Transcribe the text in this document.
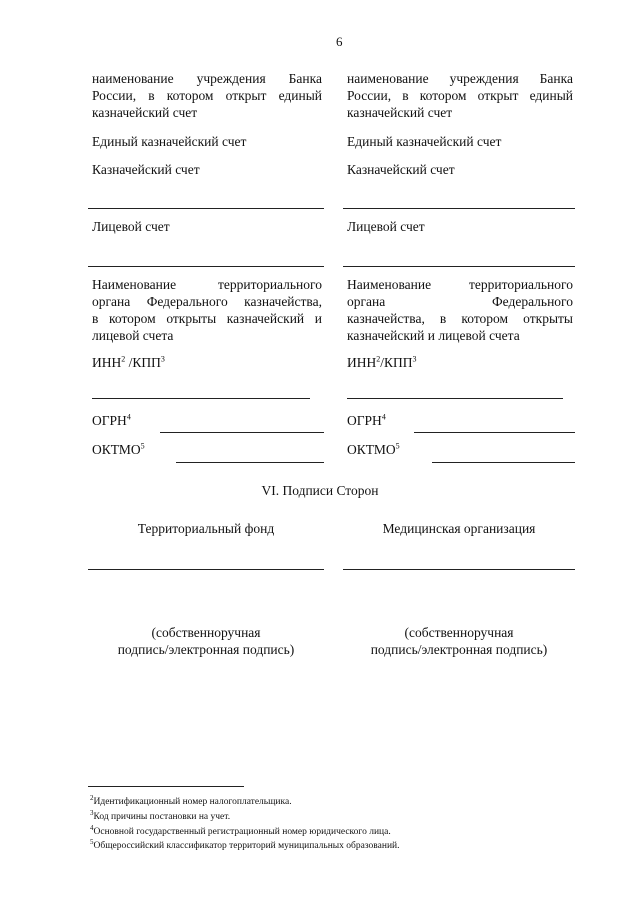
6
наименование учреждения Банка
России, в котором открыт единый
казначейский счет
Единый казначейский счет
Казначейский счет
Лицевой счет
Наименование территориального
органа Федерального казначейства,
в котором открыты казначейский и
лицевой счета
ИНН$^2$ /КПП$^3$
ОГРН$^4$
ОКТМО$^5$
наименование учреждения Банка
России, в котором открыт единый
казначейский счет
Единый казначейский счет
Казначейский счет
Лицевой счет
Наименование территориального
органа Федерального
казначейства, в котором открыты
казначейский и лицевой счета
ИНН$^2$/КПП$^3$
ОГРН$^4$
ОКТМО$^5$
VI. Подписи Сторон
Территориальный фонд	Медицинская организация
(собственноручная
подпись/электронная подпись)
(собственноручная
подпись/электронная подпись)
$^2$Идентификационный номер налогоплательщика.
$^3$Код причины постановки на учет.
$^4$Основной государственный регистрационный номер юридического лица.
$^5$Общероссийский классификатор территорий муниципальных образований.
